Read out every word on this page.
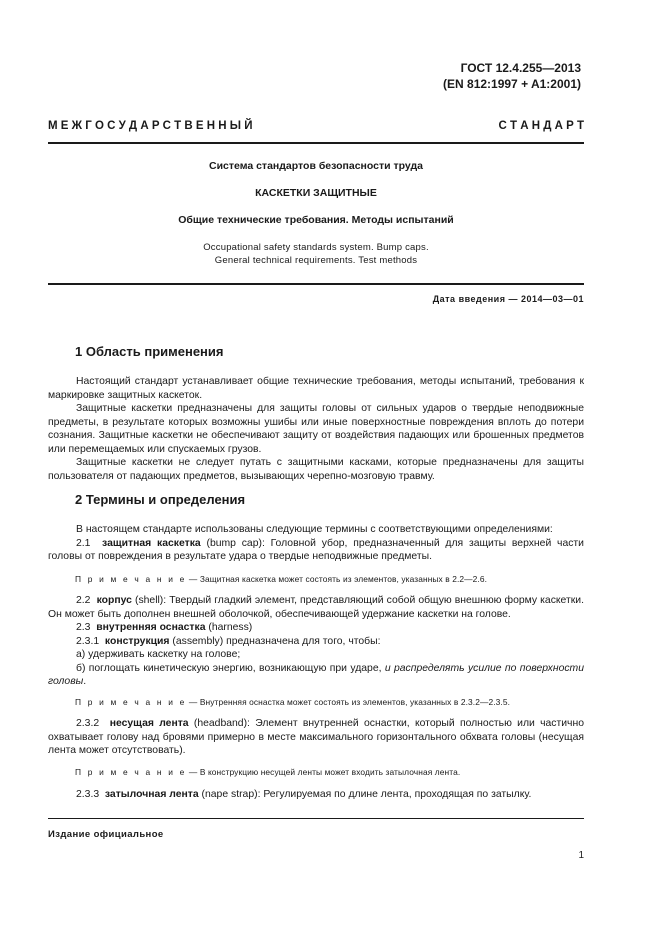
ГОСТ 12.4.255—2013
(EN 812:1997 + A1:2001)
М Е Ж Г О С У Д А Р С Т В Е Н Н Ы Й	С Т А Н Д А Р Т
Система стандартов безопасности труда
КАСКЕТКИ ЗАЩИТНЫЕ
Общие технические требования. Методы испытаний
Occupational safety standards system. Bump caps.
General technical requirements. Test methods
Дата введения — 2014—03—01
1 Область применения

Настоящий стандарт устанавливает общие технические требования, методы испытаний, требования к маркировке защитных каскеток.

Защитные каскетки предназначены для защиты головы от сильных ударов о твердые неподвижные предметы, в результате которых возможны ушибы или иные поверхностные повреждения вплоть до потери сознания. Защитные каскетки не обеспечивают защиту от воздействия падающих или брошенных предметов или перемещаемых или спускаемых грузов.

Защитные каскетки не следует путать с защитными касками, которые предназначены для защиты пользователя от падающих предметов, вызывающих черепно-мозговую травму.

2 Термины и определения

В настоящем стандарте использованы следующие термины с соответствующими определениями:

2.1 защитная каскетка (bump cap): Головной убор, предназначенный для защиты верхней части головы от повреждения в результате удара о твердые неподвижные предметы.

П р и м е ч а н и е — Защитная каскетка может состоять из элементов, указанных в 2.2—2.6.

2.2 корпус (shell): Твердый гладкий элемент, представляющий собой общую внешнюю форму каскетки. Он может быть дополнен внешней оболочкой, обеспечивающей удержание каскетки на голове.

2.3 внутренняя оснастка (harness)

2.3.1 конструкция (assembly) предназначена для того, чтобы:

а) удерживать каскетку на голове;

б) поглощать кинетическую энергию, возникающую при ударе, и распределять усилие по поверхности головы.

П р и м е ч а н и е — Внутренняя оснастка может состоять из элементов, указанных в 2.3.2—2.3.5.

2.3.2 несущая лента (headband): Элемент внутренней оснастки, который полностью или частично охватывает голову над бровями примерно в месте максимального горизонтального обхвата головы (несущая лента может отсутствовать).

П р и м е ч а н и е — В конструкцию несущей ленты может входить затылочная лента.

2.3.3 затылочная лента (nape strap): Регулируемая по длине лента, проходящая по затылку.

Издание официальное
1
